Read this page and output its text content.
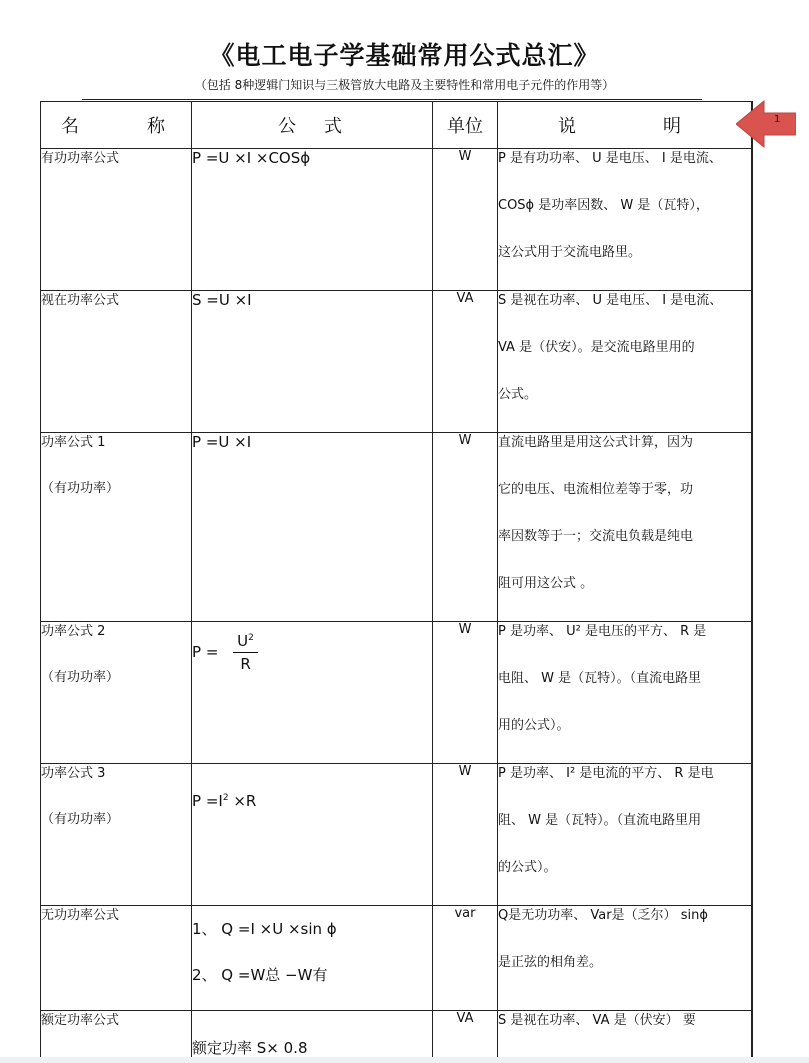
《电工电子学基础常用公式总汇》
（包括 8种逻辑门知识与三极管放大电路及主要特性和常用电子元件的作用等）
名 称	公 式	单位	说 明

有功功率公式	P =U ×I ×COSϕ	W	P 是有功功率、 U 是电压、 I 是电流、
COSϕ 是功率因数、 W 是（瓦特），
这公式用于交流电路里。

视在功率公式	S =U ×I	VA	S 是视在功率、 U 是电压、 I 是电流、
VA 是（伏安）。是交流电路里用的
公式。

功率公式 1
（有功功率）	P =U ×I	W	直流电路里是用这公式计算，因为
它的电压、电流相位差等于零，功
率因数等于一；交流电负载是纯电
阻可用这公式 。

功率公式 2
（有功功率）	$P = \frac{U^2}{R}$	W	P 是功率、 U² 是电压的平方、 R 是
电阻、 W 是（瓦特）。（直流电路里
用的公式）。

功率公式 3
（有功功率）	$P =I^2 \times R$	W	P 是功率、 I² 是电流的平方、 R 是电
阻、 W 是（瓦特）。（直流电路里用
的公式）。

无功功率公式	1、 Q =I ×U ×sin ϕ
2、 Q =W总 −W有	var	Q是无功功率、 Var是（乏尔） sinϕ
是正弦的相角差。

额定功率公式	额定功率 S× 0.8	VA	S 是视在功率、 VA 是（伏安） 要
1
